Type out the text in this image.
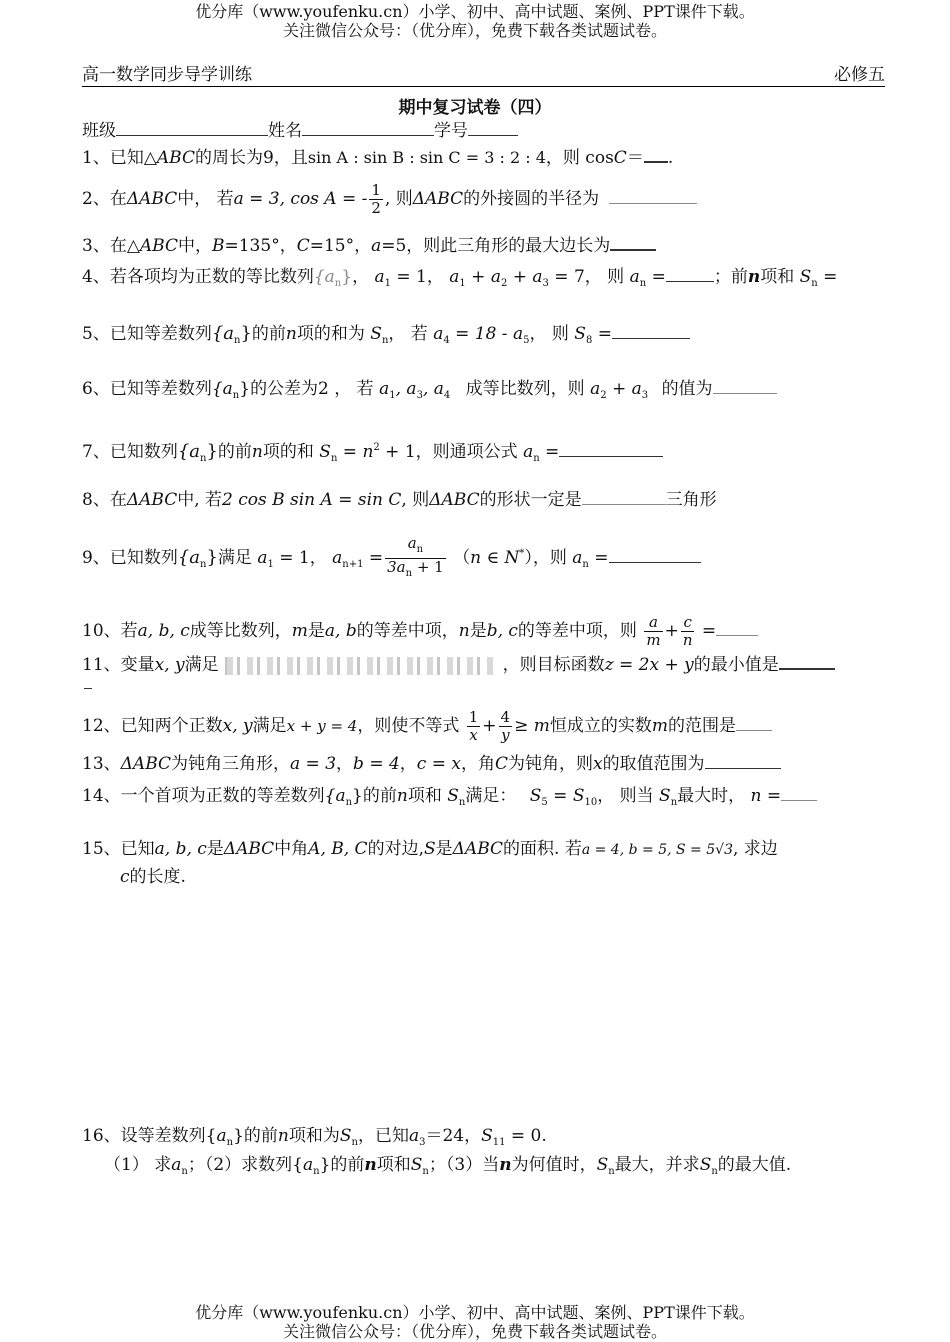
优分库（www.youfenku.cn）小学、初中、高中试题、案例、PPT课件下载。
关注微信公众号：（优分库），免费下载各类试题试卷。
高一数学同步导学训练	必修五
期中复习试卷（四）
班级	姓名	学号
1、已知△ABC的周长为9，且sin A : sin B : sin C = 3 : 2 : 4，则 cosC＝ .
2、在ΔABC中， 若a = 3, cos A = - $\frac{1}{2}$ , 则ΔABC的外接圆的半径为
3、在△ABC中，B=135°，C=15°，a=5，则此三角形的最大边长为
4、若各项均为正数的等比数列$\{a_n\}$， $a_1 = 1$， $a_1 + a_2 + a_3 = 7$， 则 $a_n$ =	；前n项和 $S_n$ =
5、已知等差数列$\{a_n\}$的前n项的和为 $S_n$， 若 $a_4 = 18 - a_5$， 则 $S_8$ =
6、已知等差数列$\{a_n\}$的公差为2 ， 若 $a_1$, $a_3$, $a_4$ 成等比数列，则 $a_2 + a_3$ 的值为
7、已知数列$\{a_n\}$的前n项的和 $S_n = n^2 + 1$，则通项公式 $a_n$ =
8、在ΔABC中, 若2 cos B sin A = sin C, 则ΔABC的形状一定是	三角形
9、已知数列$\{a_n\}$满足 $a_1 = 1$， $a_{n+1} = \frac{a_n}{3a_n + 1} (n$ ∈ N*），则 $a_n$ =
10、若a, b, c成等比数列，m是a, b的等差中项，n是b, c的等差中项，则 $\frac{a}{m} + \frac{c}{n}$ =
11、变量x, y满足	，则目标函数z = 2x + y的最小值是
12、已知两个正数x, y满足x + y = 4，则使不等式 $\frac{1}{x} + \frac{4}{y} \ge m$恒成立的实数m的范围是
13、ΔABC为钝角三角形，a = 3，b = 4，c = x，角C为钝角，则x的取值范围为
14、一个首项为正数的等差数列$\{a_n\}$的前n项和 $S_n$满足： $S_5 = S_{10}$， 则当 $S_n$最大时， n =
15、已知a, b, c是ΔABC中角A, B, C的对边,S是ΔABC的面积. 若a = 4, b = 5, S = 5√3, 求边
c的长度.
16、设等差数列$\{a_n\}$的前n项和为$S_n$，已知$a_3=24$，$S_{11} = 0$.
（1） 求$a_n$；（2）求数列$\{a_n\}$的前n项和$S_n$；（3）当n为何值时，$S_n$最大，并求$S_n$的最大值.
优分库（www.youfenku.cn）小学、初中、高中试题、案例、PPT课件下载。
关注微信公众号：（优分库），免费下载各类试题试卷。
